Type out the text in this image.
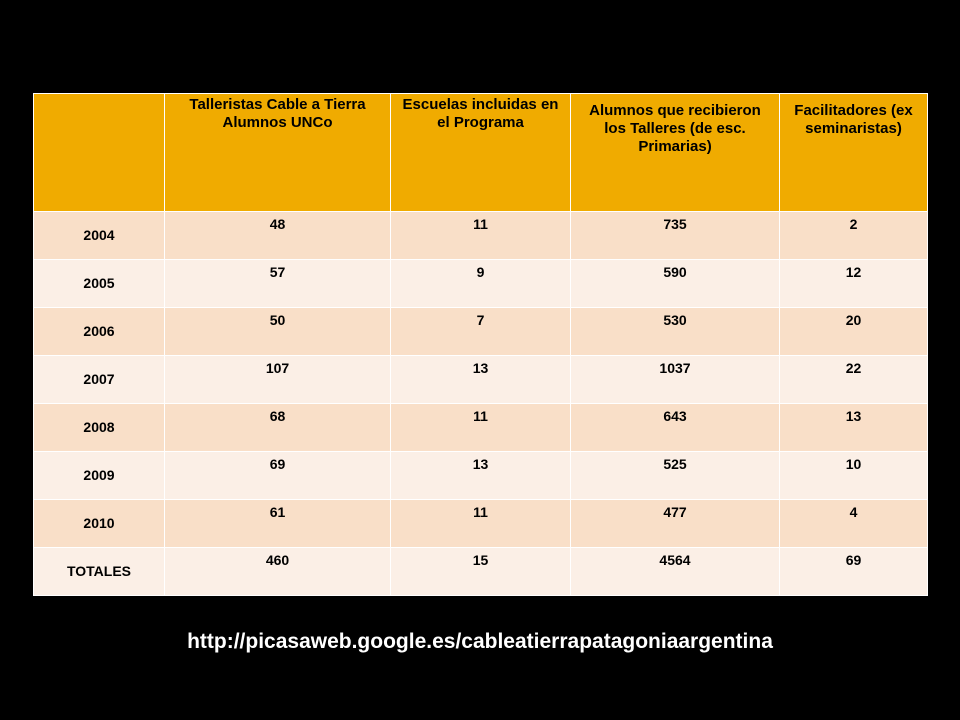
	Talleristas Cable a Tierra Alumnos UNCo	Escuelas incluidas en el Programa	Alumnos que recibieron los Talleres (de esc. Primarias)	Facilitadores (ex seminaristas)
2004	48	11	735	2
2005	57	9	590	12
2006	50	7	530	20
2007	107	13	1037	22
2008	68	11	643	13
2009	69	13	525	10
2010	61	11	477	4
TOTALES	460	15	4564	69
http://picasaweb.google.es/cableatierrapatagoniaargentina
